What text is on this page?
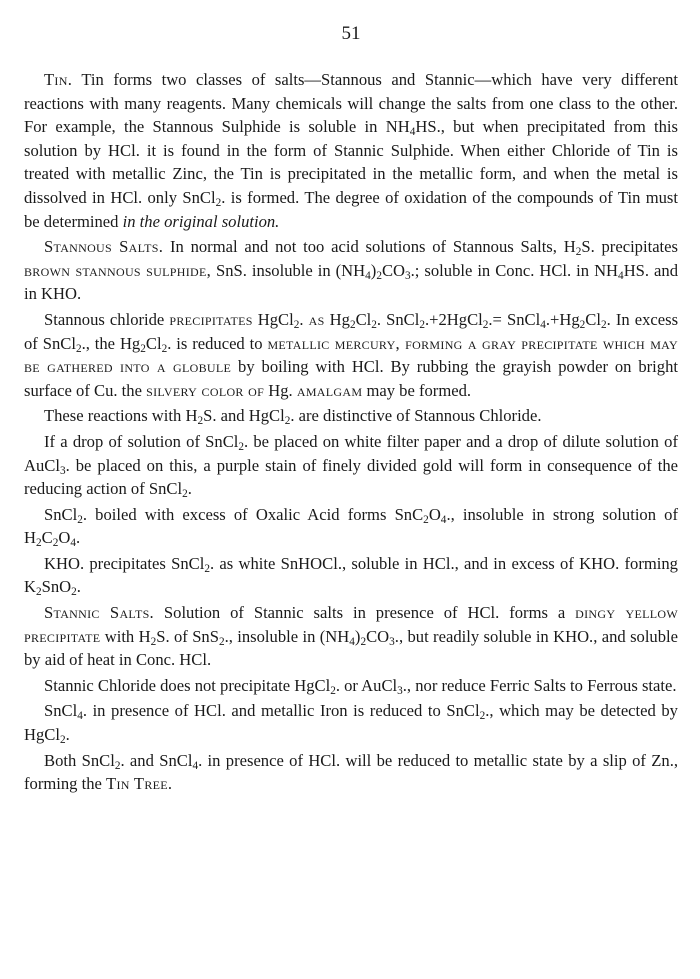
51

Tin. Tin forms two classes of salts—Stannous and Stannic—which have very different reactions with many reagents. Many chemicals will change the salts from one class to the other. For example, the Stannous Sulphide is soluble in $NH_4HS$., but when precipitated from this solution by HCl. it is found in the form of Stannic Sulphide. When either Chloride of Tin is treated with metallic Zinc, the Tin is precipitated in the metallic form, and when the metal is dissolved in HCl. only SnCl$_2$. is formed. The degree of oxidation of the compounds of Tin must be determined in the original solution.

Stannous Salts. In normal and not too acid solutions of Stannous Salts, $H_2S$. precipitates brown stannous sulphide, SnS. insoluble in $(NH_4)_2CO_3$.; soluble in Conc. HCl. in $NH_4HS$. and in KHO.

Stannous chloride precipitates HgCl$_2$. as $Hg_2Cl_2$. SnCl$_2$.+2HgCl$_2$.= $SnCl_4.+Hg_2Cl_2$. In excess of SnCl$_2$., the $Hg_2Cl_2$. is reduced to metallic mercury, forming a gray precipitate which may be gathered into a globule by boiling with HCl. By rubbing the grayish powder on bright surface of Cu. the silvery color of Hg. amalgam may be formed.

These reactions with $H_2S$. and HgCl$_2$. are distinctive of Stannous Chloride.

If a drop of solution of SnCl$_2$. be placed on white filter paper and a drop of dilute solution of AuCl$_3$. be placed on this, a purple stain of finely divided gold will form in consequence of the reducing action of SnCl$_2$.

SnCl$_2$. boiled with excess of Oxalic Acid forms $SnC_2O_4$., insoluble in strong solution of $H_2C_2O_4$.

KHO. precipitates SnCl$_2$. as white SnHOCl., soluble in HCl., and in excess of KHO. forming $K_2SnO_2$.

Stannic Salts. Solution of Stannic salts in presence of HCl. forms a dingy yellow precipitate with $H_2S$. of SnS$_2$., insoluble in $(NH_4)_2CO_3$., but readily soluble in KHO., and soluble by aid of heat in Conc. HCl.

Stannic Chloride does not precipitate HgCl$_2$. or AuCl$_3$., nor reduce Ferric Salts to Ferrous state.

SnCl$_4$. in presence of HCl. and metallic Iron is reduced to SnCl$_2$., which may be detected by HgCl$_2$.

Both SnCl$_2$. and SnCl$_4$. in presence of HCl. will be reduced to metallic state by a slip of Zn., forming the Tin Tree.
